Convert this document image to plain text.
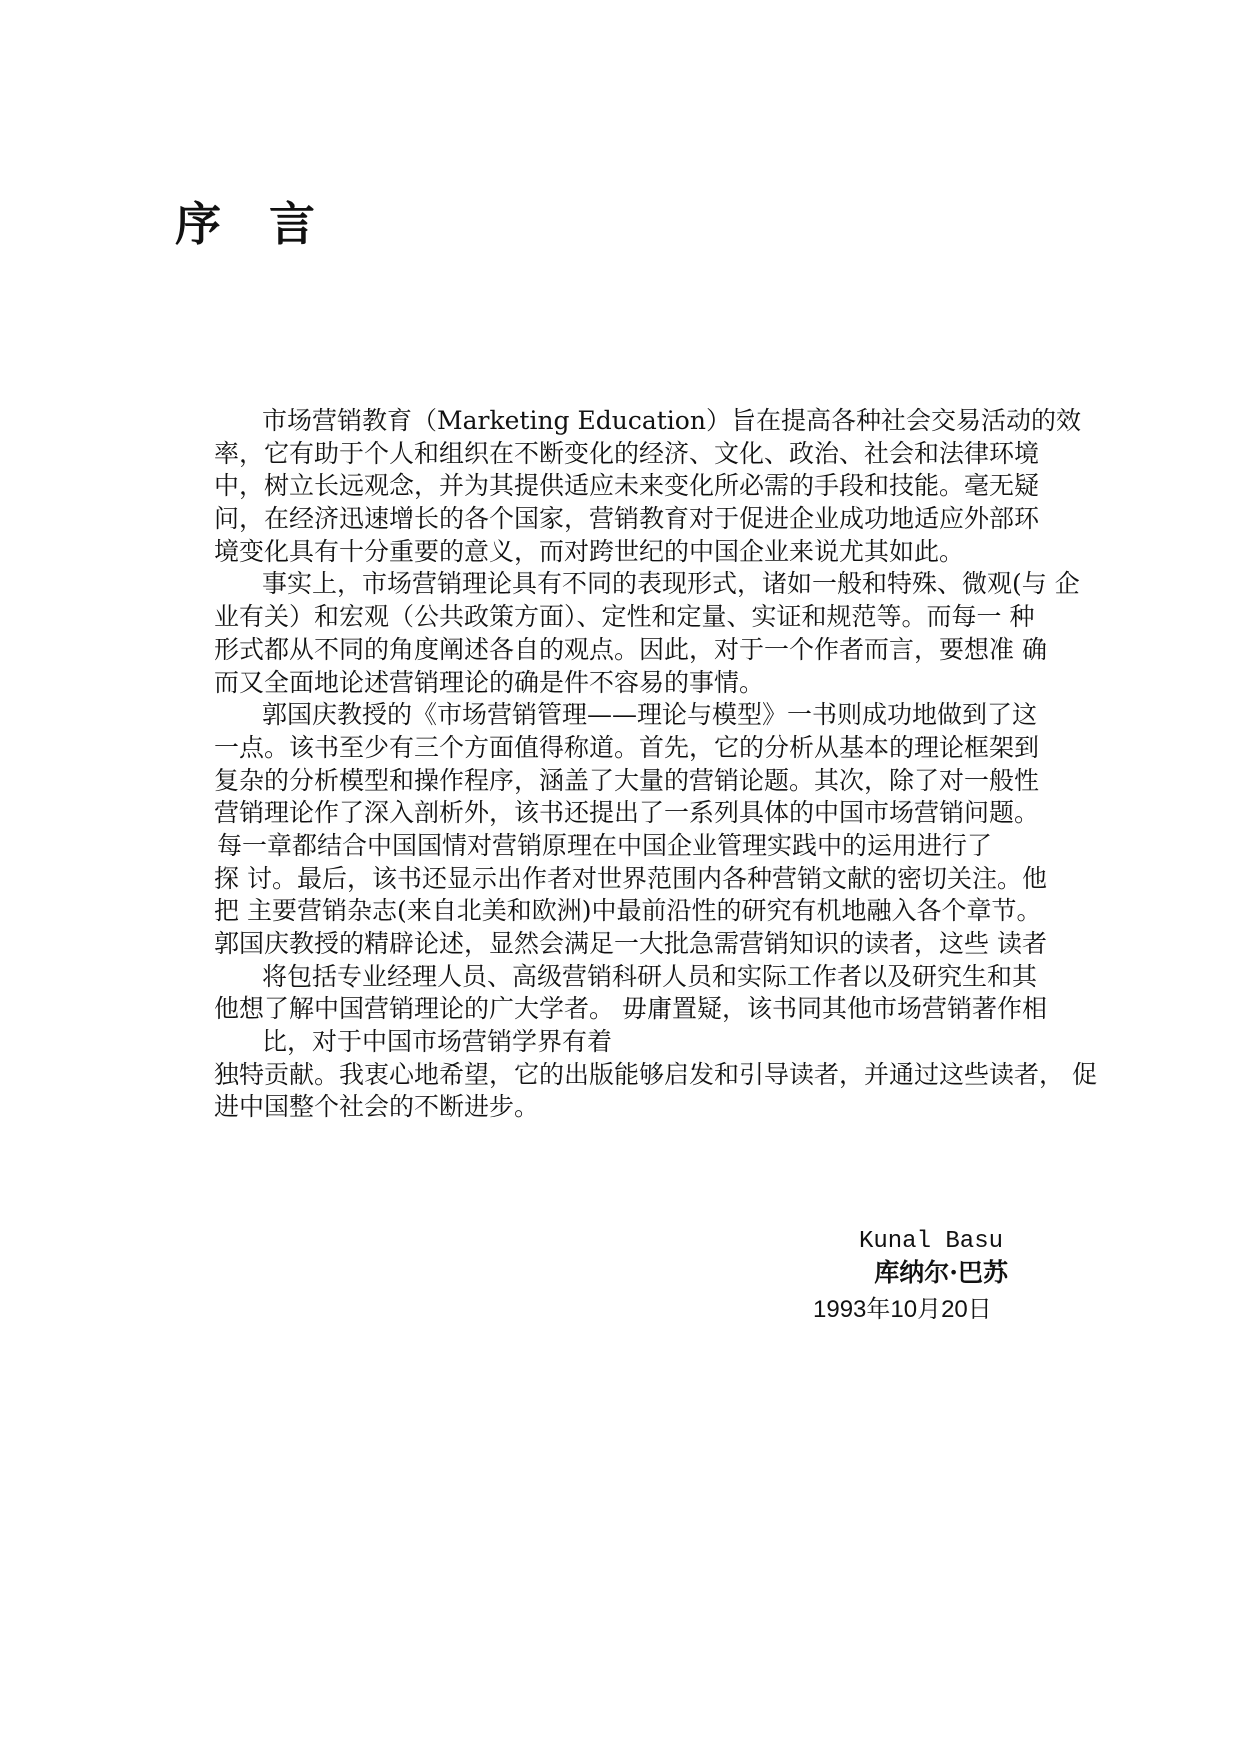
序 言
市场营销教育（Marketing Education）旨在提高各种社会交易活动的效
率，它有助于个人和组织在不断变化的经济、文化、政治、社会和法律环境
中，树立长远观念，并为其提供适应未来变化所必需的手段和技能。毫无疑
问，在经济迅速增长的各个国家，营销教育对于促进企业成功地适应外部环
境变化具有十分重要的意义，而对跨世纪的中国企业来说尤其如此。
事实上，市场营销理论具有不同的表现形式，诸如一般和特殊、微观(与 企
业有关）和宏观（公共政策方面）、定性和定量、实证和规范等。而每一 种
形式都从不同的角度阐述各自的观点。因此，对于一个作者而言，要想准 确
而又全面地论述营销理论的确是件不容易的事情。
郭国庆教授的《市场营销管理——理论与模型》一书则成功地做到了这
一点。该书至少有三个方面值得称道。首先，它的分析从基本的理论框架到
复杂的分析模型和操作程序，涵盖了大量的营销论题。其次，除了对一般性
营销理论作了深入剖析外，该书还提出了一系列具体的中国市场营销问题。
每一章都结合中国国情对营销原理在中国企业管理实践中的运用进行了
探 讨。最后，该书还显示出作者对世界范围内各种营销文献的密切关注。他
把 主要营销杂志(来自北美和欧洲)中最前沿性的研究有机地融入各个章节。
郭国庆教授的精辟论述，显然会满足一大批急需营销知识的读者，这些 读者
将包括专业经理人员、高级营销科研人员和实际工作者以及研究生和其
他想了解中国营销理论的广大学者。 毋庸置疑，该书同其他市场营销著作相
比，对于中国市场营销学界有着
独特贡献。我衷心地希望，它的出版能够启发和引导读者，并通过这些读者， 促
进中国整个社会的不断进步。
Kunal Basu
库纳尔·巴苏
1993年10月20日
